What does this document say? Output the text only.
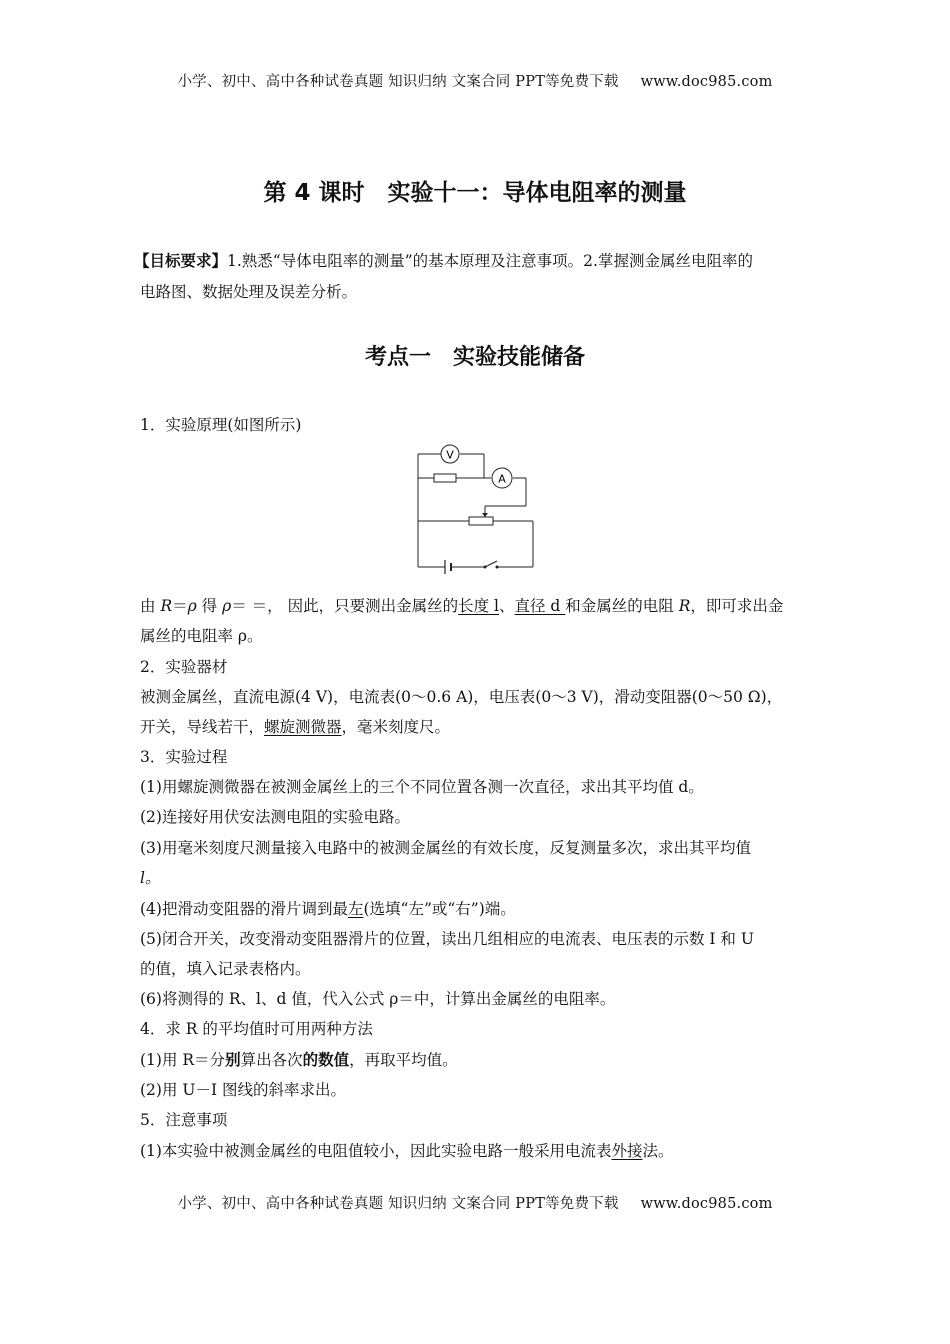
小学、初中、高中各种试卷真题 知识归纳 文案合同 PPT等免费下载 www.doc985.com
第 4 课时　实验十一：导体电阻率的测量
【目标要求】1.熟悉“导体电阻率的测量”的基本原理及注意事项。2.掌握测金属丝电阻率的
电路图、数据处理及误差分析。
考点一　实验技能储备
1．实验原理(如图所示)
V
A
由 R＝ρ 得 ρ＝ ＝， 因此，只要测出金属丝的长度 l、直径 d 和金属丝的电阻 R，即可求出金
属丝的电阻率 ρ。
2．实验器材
被测金属丝，直流电源(4 V)，电流表(0～0.6 A)，电压表(0～3 V)，滑动变阻器(0～50 Ω)，
开关，导线若干，螺旋测微器，毫米刻度尺。
3．实验过程
(1)用螺旋测微器在被测金属丝上的三个不同位置各测一次直径，求出其平均值 d。
(2)连接好用伏安法测电阻的实验电路。
(3)用毫米刻度尺测量接入电路中的被测金属丝的有效长度，反复测量多次，求出其平均值
l。
(4)把滑动变阻器的滑片调到最左(选填“左”或“右”)端。
(5)闭合开关，改变滑动变阻器滑片的位置，读出几组相应的电流表、电压表的示数 I 和 U
的值，填入记录表格内。
(6)将测得的 R、l、d 值，代入公式 ρ＝中，计算出金属丝的电阻率。
4．求 R 的平均值时可用两种方法
(1)用 R＝分别算出各次的数值，再取平均值。
(2)用 U－I 图线的斜率求出。
5．注意事项
(1)本实验中被测金属丝的电阻值较小，因此实验电路一般采用电流表外接法。
小学、初中、高中各种试卷真题 知识归纳 文案合同 PPT等免费下载 www.doc985.com
